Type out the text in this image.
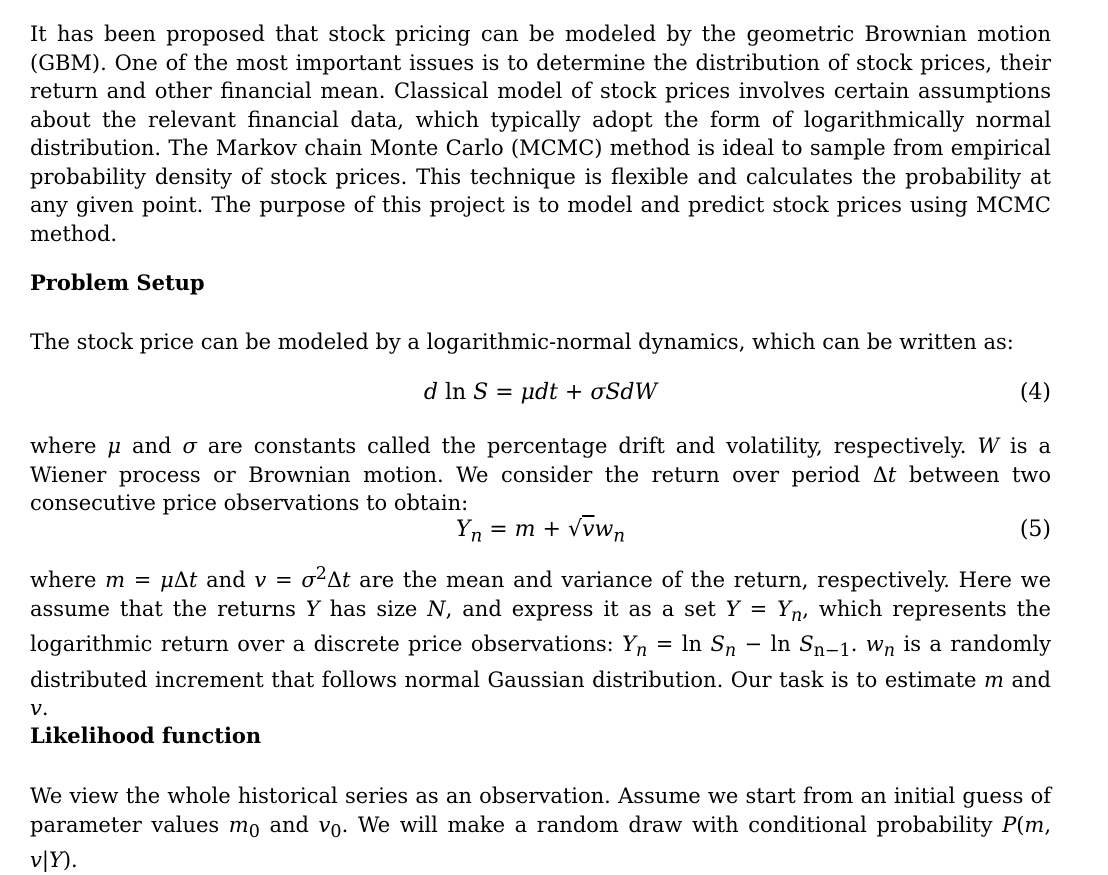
It has been proposed that stock pricing can be modeled by the geometric Brownian motion (GBM). One of the most important issues is to determine the distribution of stock prices, their return and other financial mean. Classical model of stock prices involves certain assumptions about the relevant financial data, which typically adopt the form of logarithmically normal distribution. The Markov chain Monte Carlo (MCMC) method is ideal to sample from empirical probability density of stock prices. This technique is flexible and calculates the probability at any given point. The purpose of this project is to model and predict stock prices using MCMC method.
Problem Setup
The stock price can be modeled by a logarithmic-normal dynamics, which can be written as:
d ln S = μdt + σSdW	(4)
where μ and σ are constants called the percentage drift and volatility, respectively. W is a Wiener process or Brownian motion. We consider the return over period Δt between two consecutive price observations to obtain:
$Y_n = m + √vw_n$	(5)
where m = μΔt and $v = \sigma^2\Delta t$ are the mean and variance of the return, respectively. Here we assume that the returns Y has size N, and express it as a set $Y = Y_n$, which represents the logarithmic return over a discrete price observations: $Y_n = \ln S_n - \ln S_{n-1}$. $w_n$ is a randomly distributed increment that follows normal Gaussian distribution. Our task is to estimate m and v.
Likelihood function
We view the whole historical series as an observation. Assume we start from an initial guess of parameter values $m_0$ and $v_0$. We will make a random draw with conditional probability P(m, v|Y).
